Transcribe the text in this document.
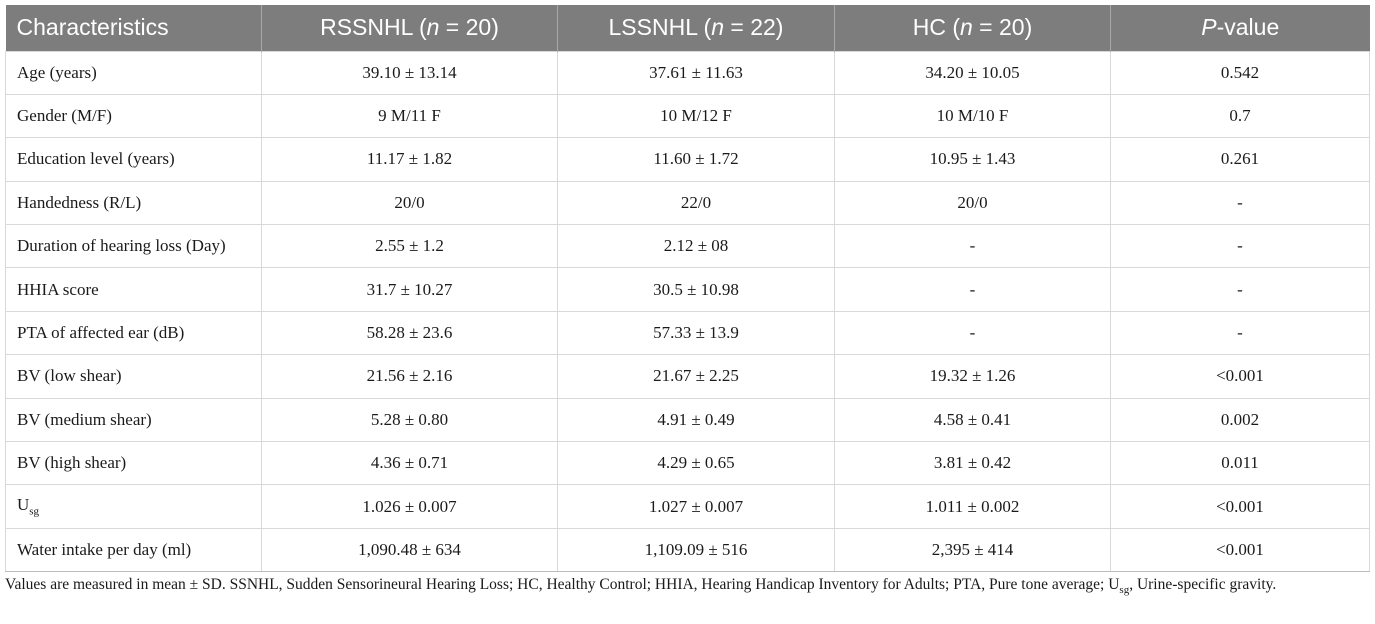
Characteristics	RSSNHL (n = 20)	LSSNHL (n = 22)	HC (n = 20)	P-value
Age (years)	39.10 ± 13.14	37.61 ± 11.63	34.20 ± 10.05	0.542
Gender (M/F)	9 M/11 F	10 M/12 F	10 M/10 F	0.7
Education level (years)	11.17 ± 1.82	11.60 ± 1.72	10.95 ± 1.43	0.261
Handedness (R/L)	20/0	22/0	20/0	-
Duration of hearing loss (Day)	2.55 ± 1.2	2.12 ± 08	-	-
HHIA score	31.7 ± 10.27	30.5 ± 10.98	-	-
PTA of affected ear (dB)	58.28 ± 23.6	57.33 ± 13.9	-	-
BV (low shear)	21.56 ± 2.16	21.67 ± 2.25	19.32 ± 1.26	<0.001
BV (medium shear)	5.28 ± 0.80	4.91 ± 0.49	4.58 ± 0.41	0.002
BV (high shear)	4.36 ± 0.71	4.29 ± 0.65	3.81 ± 0.42	0.011
$U_{sg}$	1.026 ± 0.007	1.027 ± 0.007	1.011 ± 0.002	<0.001
Water intake per day (ml)	1,090.48 ± 634	1,109.09 ± 516	2,395 ± 414	<0.001

Values are measured in mean ± SD. SSNHL, Sudden Sensorineural Hearing Loss; HC, Healthy Control; HHIA, Hearing Handicap Inventory for Adults; PTA, Pure tone average; $U_{sg}$, Urine-specific gravity.
